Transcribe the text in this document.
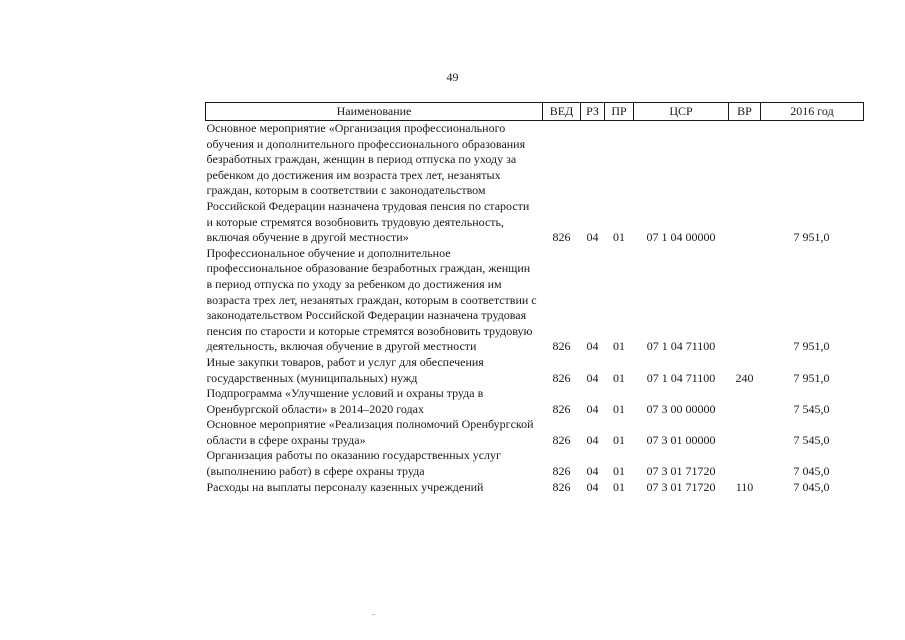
49
Наименование	ВЕД	РЗ	ПР	ЦСР	ВР	2016 год
Основное мероприятие «Организация профессионального обучения и дополнительного профессионального образования безработных граждан, женщин в период отпуска по уходу за ребенком до достижения им возраста трех лет, незанятых граждан, которым в соответствии с законодательством Российской Федерации назначена трудовая пенсия по старости и которые стремятся возобновить трудовую деятельность, включая обучение в другой местности»	826	04	01	07 1 04 00000		7 951,0
Профессиональное обучение и дополнительное профессиональное образование безработных граждан, женщин в период отпуска по уходу за ребенком до достижения им возраста трех лет, незанятых граждан, которым в соответствии с законодательством Российской Федерации назначена трудовая пенсия по старости и которые стремятся возобновить трудовую деятельность, включая обучение в другой местности	826	04	01	07 1 04 71100		7 951,0
Иные закупки товаров, работ и услуг для обеспечения государственных (муниципальных) нужд	826	04	01	07 1 04 71100	240	7 951,0
Подпрограмма «Улучшение условий и охраны труда в Оренбургской области» в 2014–2020 годах	826	04	01	07 3 00 00000		7 545,0
Основное мероприятие «Реализация полномочий Оренбургской области в сфере охраны труда»	826	04	01	07 3 01 00000		7 545,0
Организация работы по оказанию государственных услуг (выполнению работ) в сфере охраны труда	826	04	01	07 3 01 71720		7 045,0
Расходы на выплаты персоналу казенных учреждений	826	04	01	07 3 01 71720	110	7 045,0
